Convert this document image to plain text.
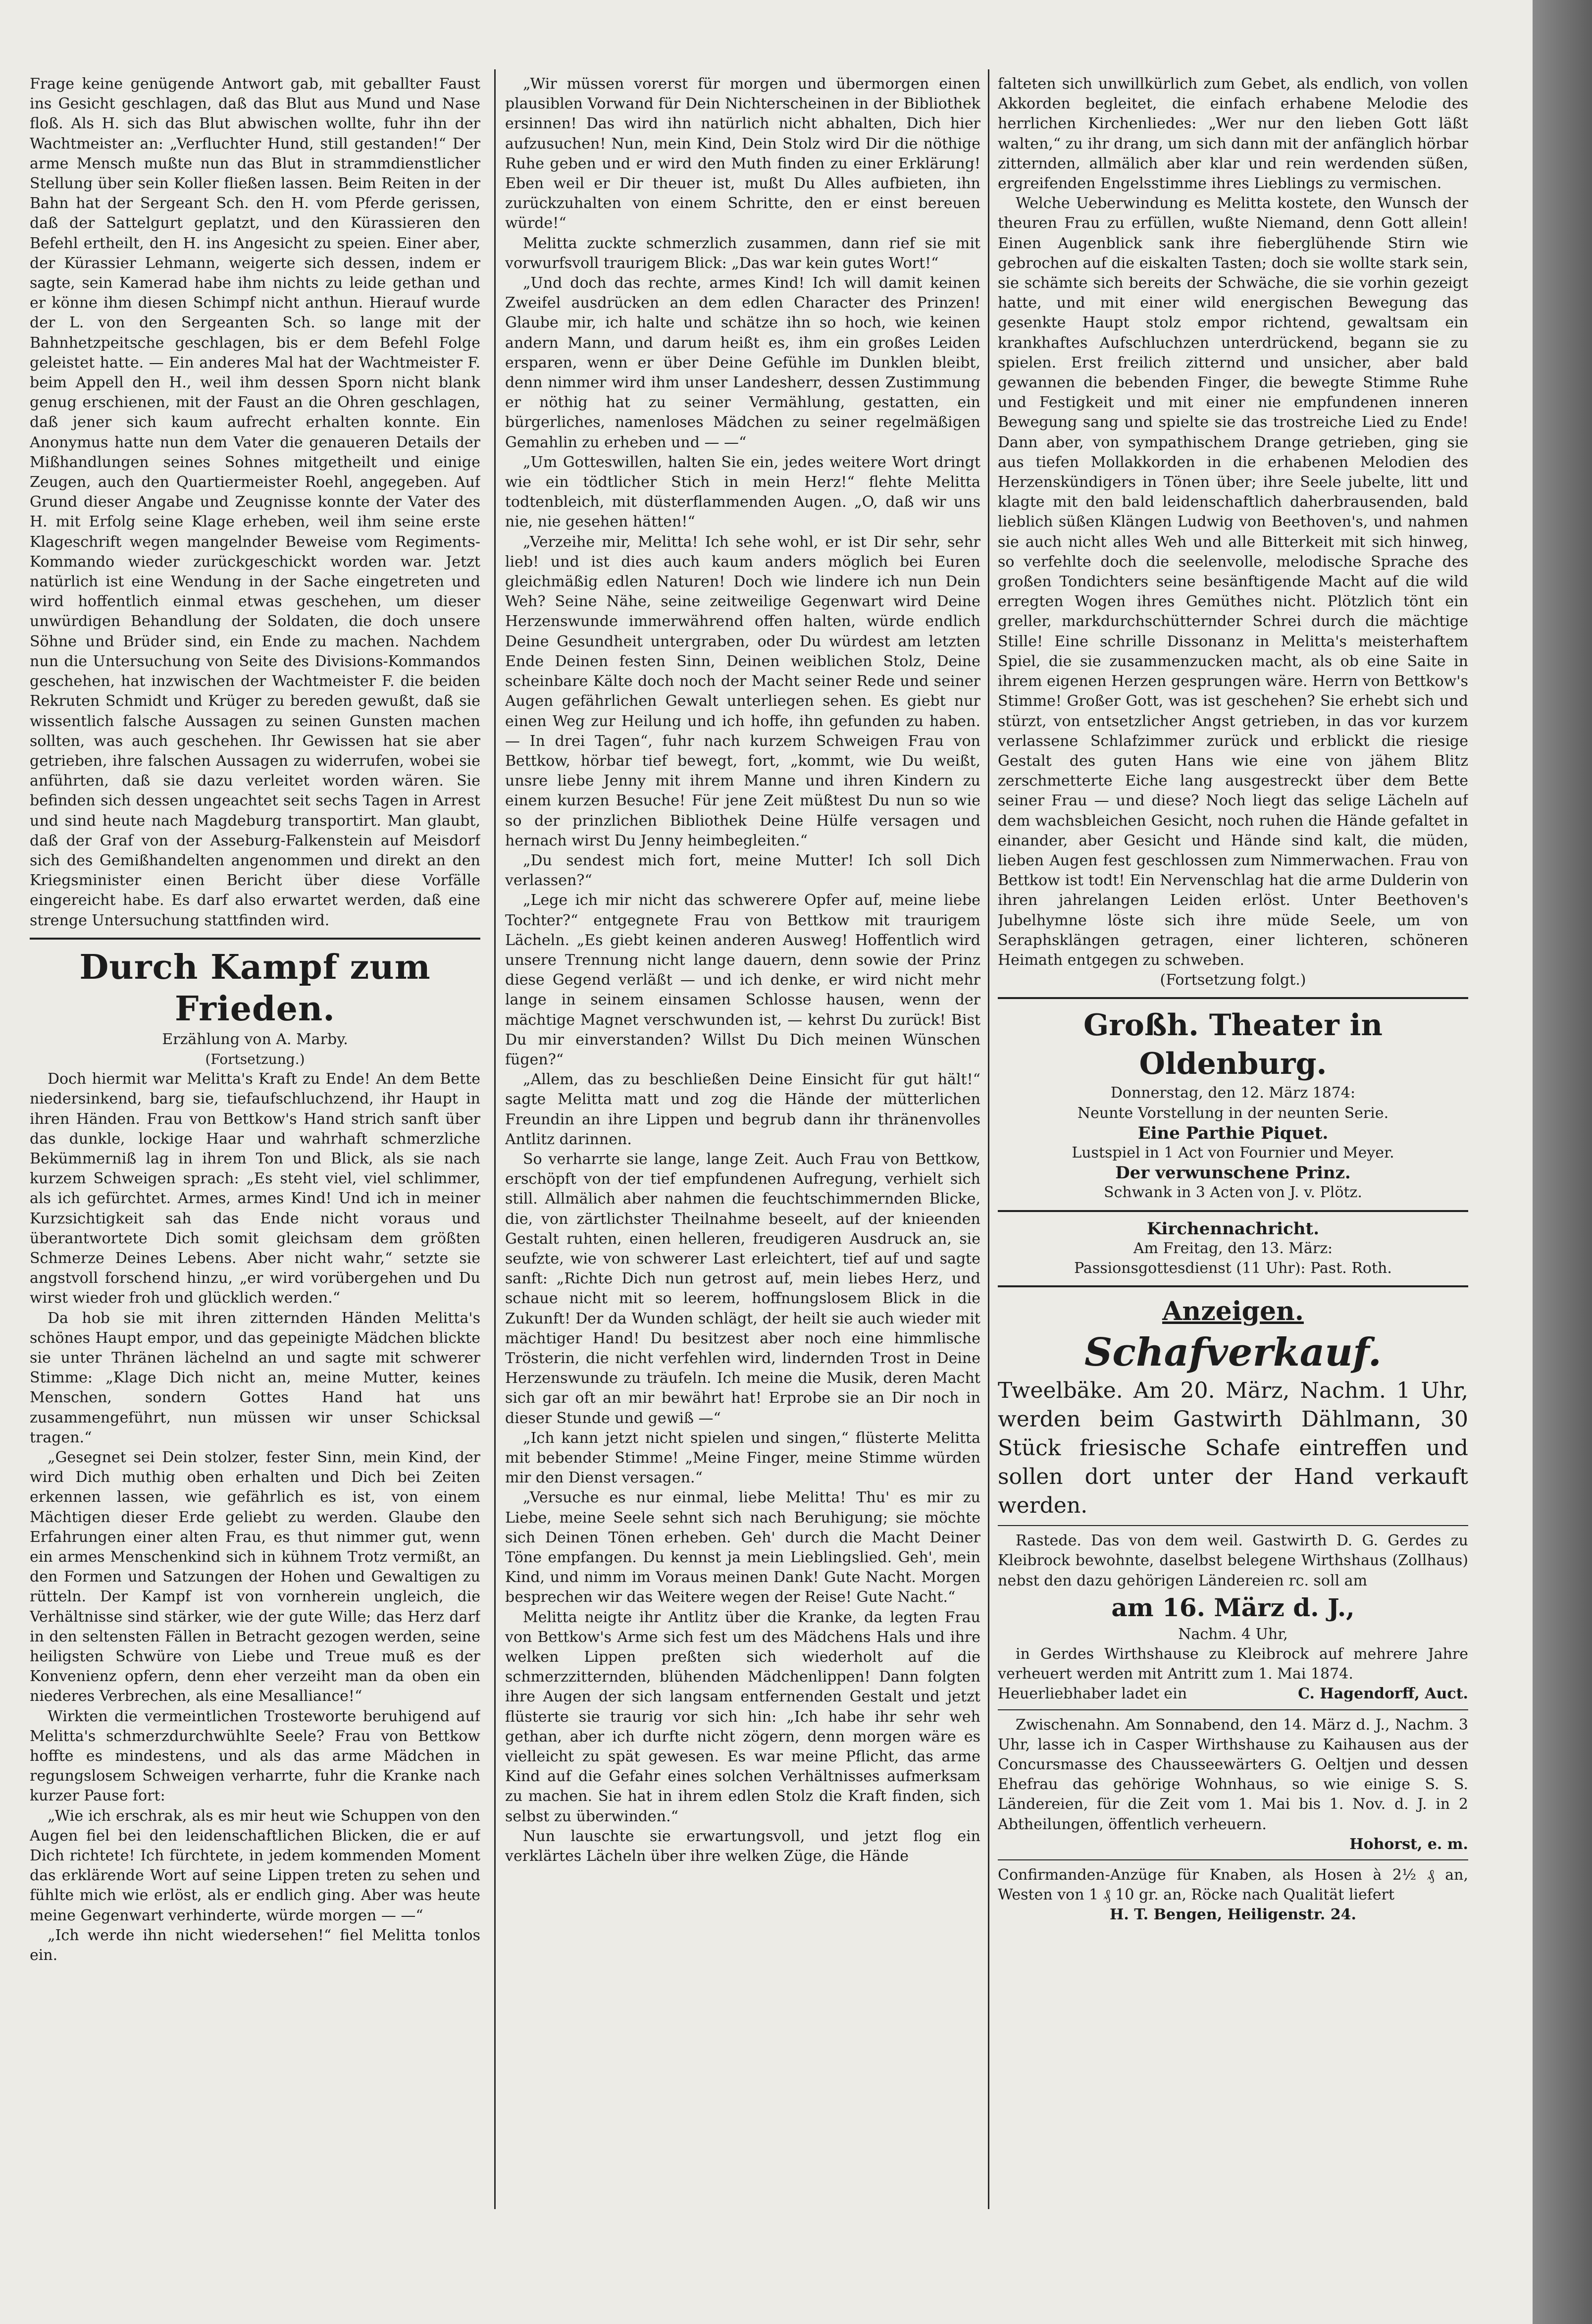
Frage keine genügende Antwort gab, mit geballter Faust ins Gesicht geschlagen, daß das Blut aus Mund und Nase floß. Als H. sich das Blut abwischen wollte, fuhr ihn der Wachtmeister an: „Verfluchter Hund, still gestanden!“ Der arme Mensch mußte nun das Blut in strammdienstlicher Stellung über sein Koller fließen lassen. Beim Reiten in der Bahn hat der Sergeant Sch. den H. vom Pferde gerissen, daß der Sattelgurt geplatzt, und den Kürassieren den Befehl ertheilt, den H. ins Angesicht zu speien. Einer aber, der Kürassier Lehmann, weigerte sich dessen, indem er sagte, sein Kamerad habe ihm nichts zu leide gethan und er könne ihm diesen Schimpf nicht anthun. Hierauf wurde der L. von den Sergeanten Sch. so lange mit der Bahnhetzpeitsche geschlagen, bis er dem Befehl Folge geleistet hatte. — Ein anderes Mal hat der Wachtmeister F. beim Appell den H., weil ihm dessen Sporn nicht blank genug erschienen, mit der Faust an die Ohren geschlagen, daß jener sich kaum aufrecht erhalten konnte. Ein Anonymus hatte nun dem Vater die genaueren Details der Mißhandlungen seines Sohnes mitgetheilt und einige Zeugen, auch den Quartiermeister Roehl, angegeben. Auf Grund dieser Angabe und Zeugnisse konnte der Vater des H. mit Erfolg seine Klage erheben, weil ihm seine erste Klageschrift wegen mangelnder Beweise vom Regiments-Kommando wieder zurückgeschickt worden war. Jetzt natürlich ist eine Wendung in der Sache eingetreten und wird hoffentlich einmal etwas geschehen, um dieser unwürdigen Behandlung der Soldaten, die doch unsere Söhne und Brüder sind, ein Ende zu machen. Nachdem nun die Untersuchung von Seite des Divisions-Kommandos geschehen, hat inzwischen der Wachtmeister F. die beiden Rekruten Schmidt und Krüger zu bereden gewußt, daß sie wissentlich falsche Aussagen zu seinen Gunsten machen sollten, was auch geschehen. Ihr Gewissen hat sie aber getrieben, ihre falschen Aussagen zu widerrufen, wobei sie anführten, daß sie dazu verleitet worden wären. Sie befinden sich dessen ungeachtet seit sechs Tagen in Arrest und sind heute nach Magdeburg transportirt. Man glaubt, daß der Graf von der Asseburg-Falkenstein auf Meisdorf sich des Gemißhandelten angenommen und direkt an den Kriegsminister einen Bericht über diese Vorfälle eingereicht habe. Es darf also erwartet werden, daß eine strenge Untersuchung stattfinden wird.

Durch Kampf zum Frieden.

Erzählung von A. Marby.

(Fortsetzung.)

Doch hiermit war Melitta's Kraft zu Ende! An dem Bette niedersinkend, barg sie, tiefaufschluchzend, ihr Haupt in ihren Händen. Frau von Bettkow's Hand strich sanft über das dunkle, lockige Haar und wahrhaft schmerzliche Bekümmerniß lag in ihrem Ton und Blick, als sie nach kurzem Schweigen sprach: „Es steht viel, viel schlimmer, als ich gefürchtet. Armes, armes Kind! Und ich in meiner Kurzsichtigkeit sah das Ende nicht voraus und überantwortete Dich somit gleichsam dem größten Schmerze Deines Lebens. Aber nicht wahr,“ setzte sie angstvoll forschend hinzu, „er wird vorübergehen und Du wirst wieder froh und glücklich werden.“

Da hob sie mit ihren zitternden Händen Melitta's schönes Haupt empor, und das gepeinigte Mädchen blickte sie unter Thränen lächelnd an und sagte mit schwerer Stimme: „Klage Dich nicht an, meine Mutter, keines Menschen, sondern Gottes Hand hat uns zusammengeführt, nun müssen wir unser Schicksal tragen.“

„Gesegnet sei Dein stolzer, fester Sinn, mein Kind, der wird Dich muthig oben erhalten und Dich bei Zeiten erkennen lassen, wie gefährlich es ist, von einem Mächtigen dieser Erde geliebt zu werden. Glaube den Erfahrungen einer alten Frau, es thut nimmer gut, wenn ein armes Menschenkind sich in kühnem Trotz vermißt, an den Formen und Satzungen der Hohen und Gewaltigen zu rütteln. Der Kampf ist von vornherein ungleich, die Verhältnisse sind stärker, wie der gute Wille; das Herz darf in den seltensten Fällen in Betracht gezogen werden, seine heiligsten Schwüre von Liebe und Treue muß es der Konvenienz opfern, denn eher verzeiht man da oben ein niederes Verbrechen, als eine Mesalliance!“

Wirkten die vermeintlichen Trosteworte beruhigend auf Melitta's schmerzdurchwühlte Seele? Frau von Bettkow hoffte es mindestens, und als das arme Mädchen in regungslosem Schweigen verharrte, fuhr die Kranke nach kurzer Pause fort:

„Wie ich erschrak, als es mir heut wie Schuppen von den Augen fiel bei den leidenschaftlichen Blicken, die er auf Dich richtete! Ich fürchtete, in jedem kommenden Moment das erklärende Wort auf seine Lippen treten zu sehen und fühlte mich wie erlöst, als er endlich ging. Aber was heute meine Gegenwart verhinderte, würde morgen — —“

„Ich werde ihn nicht wiedersehen!“ fiel Melitta tonlos ein.

„Wir müssen vorerst für morgen und übermorgen einen plausiblen Vorwand für Dein Nichterscheinen in der Bibliothek ersinnen! Das wird ihn natürlich nicht abhalten, Dich hier aufzusuchen! Nun, mein Kind, Dein Stolz wird Dir die nöthige Ruhe geben und er wird den Muth finden zu einer Erklärung! Eben weil er Dir theuer ist, mußt Du Alles aufbieten, ihn zurückzuhalten von einem Schritte, den er einst bereuen würde!“

Melitta zuckte schmerzlich zusammen, dann rief sie mit vorwurfsvoll traurigem Blick: „Das war kein gutes Wort!“

„Und doch das rechte, armes Kind! Ich will damit keinen Zweifel ausdrücken an dem edlen Character des Prinzen! Glaube mir, ich halte und schätze ihn so hoch, wie keinen andern Mann, und darum heißt es, ihm ein großes Leiden ersparen, wenn er über Deine Gefühle im Dunklen bleibt, denn nimmer wird ihm unser Landesherr, dessen Zustimmung er nöthig hat zu seiner Vermählung, gestatten, ein bürgerliches, namenloses Mädchen zu seiner regelmäßigen Gemahlin zu erheben und — —“

„Um Gotteswillen, halten Sie ein, jedes weitere Wort dringt wie ein tödtlicher Stich in mein Herz!“ flehte Melitta todtenbleich, mit düsterflammenden Augen. „O, daß wir uns nie, nie gesehen hätten!“

„Verzeihe mir, Melitta! Ich sehe wohl, er ist Dir sehr, sehr lieb! und ist dies auch kaum anders möglich bei Euren gleichmäßig edlen Naturen! Doch wie lindere ich nun Dein Weh? Seine Nähe, seine zeitweilige Gegenwart wird Deine Herzenswunde immerwährend offen halten, würde endlich Deine Gesundheit untergraben, oder Du würdest am letzten Ende Deinen festen Sinn, Deinen weiblichen Stolz, Deine scheinbare Kälte doch noch der Macht seiner Rede und seiner Augen gefährlichen Gewalt unterliegen sehen. Es giebt nur einen Weg zur Heilung und ich hoffe, ihn gefunden zu haben. — In drei Tagen“, fuhr nach kurzem Schweigen Frau von Bettkow, hörbar tief bewegt, fort, „kommt, wie Du weißt, unsre liebe Jenny mit ihrem Manne und ihren Kindern zu einem kurzen Besuche! Für jene Zeit müßtest Du nun so wie so der prinzlichen Bibliothek Deine Hülfe versagen und hernach wirst Du Jenny heimbegleiten.“

„Du sendest mich fort, meine Mutter! Ich soll Dich verlassen?“

„Lege ich mir nicht das schwerere Opfer auf, meine liebe Tochter?“ entgegnete Frau von Bettkow mit traurigem Lächeln. „Es giebt keinen anderen Ausweg! Hoffentlich wird unsere Trennung nicht lange dauern, denn sowie der Prinz diese Gegend verläßt — und ich denke, er wird nicht mehr lange in seinem einsamen Schlosse hausen, wenn der mächtige Magnet verschwunden ist, — kehrst Du zurück! Bist Du mir einverstanden? Willst Du Dich meinen Wünschen fügen?“

„Allem, das zu beschließen Deine Einsicht für gut hält!“ sagte Melitta matt und zog die Hände der mütterlichen Freundin an ihre Lippen und begrub dann ihr thränenvolles Antlitz darinnen.

So verharrte sie lange, lange Zeit. Auch Frau von Bettkow, erschöpft von der tief empfundenen Aufregung, verhielt sich still. Allmälich aber nahmen die feuchtschimmernden Blicke, die, von zärtlichster Theilnahme beseelt, auf der knieenden Gestalt ruhten, einen helleren, freudigeren Ausdruck an, sie seufzte, wie von schwerer Last erleichtert, tief auf und sagte sanft: „Richte Dich nun getrost auf, mein liebes Herz, und schaue nicht mit so leerem, hoffnungslosem Blick in die Zukunft! Der da Wunden schlägt, der heilt sie auch wieder mit mächtiger Hand! Du besitzest aber noch eine himmlische Trösterin, die nicht verfehlen wird, lindernden Trost in Deine Herzenswunde zu träufeln. Ich meine die Musik, deren Macht sich gar oft an mir bewährt hat! Erprobe sie an Dir noch in dieser Stunde und gewiß —“

„Ich kann jetzt nicht spielen und singen,“ flüsterte Melitta mit bebender Stimme! „Meine Finger, meine Stimme würden mir den Dienst versagen.“

„Versuche es nur einmal, liebe Melitta! Thu' es mir zu Liebe, meine Seele sehnt sich nach Beruhigung; sie möchte sich Deinen Tönen erheben. Geh' durch die Macht Deiner Töne empfangen. Du kennst ja mein Lieblingslied. Geh', mein Kind, und nimm im Voraus meinen Dank! Gute Nacht. Morgen besprechen wir das Weitere wegen der Reise! Gute Nacht.“

Melitta neigte ihr Antlitz über die Kranke, da legten Frau von Bettkow's Arme sich fest um des Mädchens Hals und ihre welken Lippen preßten sich wiederholt auf die schmerzzitternden, blühenden Mädchenlippen! Dann folgten ihre Augen der sich langsam entfernenden Gestalt und jetzt flüsterte sie traurig vor sich hin: „Ich habe ihr sehr weh gethan, aber ich durfte nicht zögern, denn morgen wäre es vielleicht zu spät gewesen. Es war meine Pflicht, das arme Kind auf die Gefahr eines solchen Verhältnisses aufmerksam zu machen. Sie hat in ihrem edlen Stolz die Kraft finden, sich selbst zu überwinden.“

Nun lauschte sie erwartungsvoll, und jetzt flog ein verklärtes Lächeln über ihre welken Züge, die Hände

falteten sich unwillkürlich zum Gebet, als endlich, von vollen Akkorden begleitet, die einfach erhabene Melodie des herrlichen Kirchenliedes: „Wer nur den lieben Gott läßt walten,“ zu ihr drang, um sich dann mit der anfänglich hörbar zitternden, allmälich aber klar und rein werdenden süßen, ergreifenden Engelsstimme ihres Lieblings zu vermischen.

Welche Ueberwindung es Melitta kostete, den Wunsch der theuren Frau zu erfüllen, wußte Niemand, denn Gott allein! Einen Augenblick sank ihre fieberglühende Stirn wie gebrochen auf die eiskalten Tasten; doch sie wollte stark sein, sie schämte sich bereits der Schwäche, die sie vorhin gezeigt hatte, und mit einer wild energischen Bewegung das gesenkte Haupt stolz empor richtend, gewaltsam ein krankhaftes Aufschluchzen unterdrückend, begann sie zu spielen. Erst freilich zitternd und unsicher, aber bald gewannen die bebenden Finger, die bewegte Stimme Ruhe und Festigkeit und mit einer nie empfundenen inneren Bewegung sang und spielte sie das trostreiche Lied zu Ende! Dann aber, von sympathischem Drange getrieben, ging sie aus tiefen Mollakkorden in die erhabenen Melodien des Herzenskündigers in Tönen über; ihre Seele jubelte, litt und klagte mit den bald leidenschaftlich daherbrausenden, bald lieblich süßen Klängen Ludwig von Beethoven's, und nahmen sie auch nicht alles Weh und alle Bitterkeit mit sich hinweg, so verfehlte doch die seelenvolle, melodische Sprache des großen Tondichters seine besänftigende Macht auf die wild erregten Wogen ihres Gemüthes nicht. Plötzlich tönt ein greller, markdurchschütternder Schrei durch die mächtige Stille! Eine schrille Dissonanz in Melitta's meisterhaftem Spiel, die sie zusammenzucken macht, als ob eine Saite in ihrem eigenen Herzen gesprungen wäre. Herrn von Bettkow's Stimme! Großer Gott, was ist geschehen? Sie erhebt sich und stürzt, von entsetzlicher Angst getrieben, in das vor kurzem verlassene Schlafzimmer zurück und erblickt die riesige Gestalt des guten Hans wie eine von jähem Blitz zerschmetterte Eiche lang ausgestreckt über dem Bette seiner Frau — und diese? Noch liegt das selige Lächeln auf dem wachsbleichen Gesicht, noch ruhen die Hände gefaltet in einander, aber Gesicht und Hände sind kalt, die müden, lieben Augen fest geschlossen zum Nimmerwachen. Frau von Bettkow ist todt! Ein Nervenschlag hat die arme Dulderin von ihren jahrelangen Leiden erlöst. Unter Beethoven's Jubelhymne löste sich ihre müde Seele, um von Seraphsklängen getragen, einer lichteren, schöneren Heimath entgegen zu schweben.

(Fortsetzung folgt.)

Großh. Theater in Oldenburg.

Donnerstag, den 12. März 1874:

Neunte Vorstellung in der neunten Serie.

Eine Parthie Piquet.

Lustspiel in 1 Act von Fournier und Meyer.

Der verwunschene Prinz.

Schwank in 3 Acten von J. v. Plötz.

Kirchennachricht.

Am Freitag, den 13. März:

Passionsgottesdienst (11 Uhr): Past. Roth.

Anzeigen.
Schafverkauf.
Tweelbäke. Am 20. März, Nachm. 1 Uhr, werden beim Gastwirth Dählmann, 30 Stück friesische Schafe eintreffen und sollen dort unter der Hand verkauft werden.

Rastede. Das von dem weil. Gastwirth D. G. Gerdes zu Kleibrock bewohnte, daselbst belegene Wirthshaus (Zollhaus) nebst den dazu gehörigen Ländereien rc. soll am

am 16. März d. J.,

Nachm. 4 Uhr,

in Gerdes Wirthshause zu Kleibrock auf mehrere Jahre verheuert werden mit Antritt zum 1. Mai 1874.

Heuerliebhaber ladet ein	C. Hagendorff, Auct.

Zwischenahn. Am Sonnabend, den 14. März d. J., Nachm. 3 Uhr, lasse ich in Casper Wirthshause zu Kaihausen aus der Concursmasse des Chausseewärters G. Oeltjen und dessen Ehefrau das gehörige Wohnhaus, so wie einige S. S. Ländereien, für die Zeit vom 1. Mai bis 1. Nov. d. J. in 2 Abtheilungen, öffentlich verheuern.

Hohorst, e. m.

Confirmanden-Anzüge für Knaben, als Hosen à 2½ ₰ an, Westen von 1 ₰ 10 gr. an, Röcke nach Qualität liefert

H. T. Bengen, Heiligenstr. 24.
